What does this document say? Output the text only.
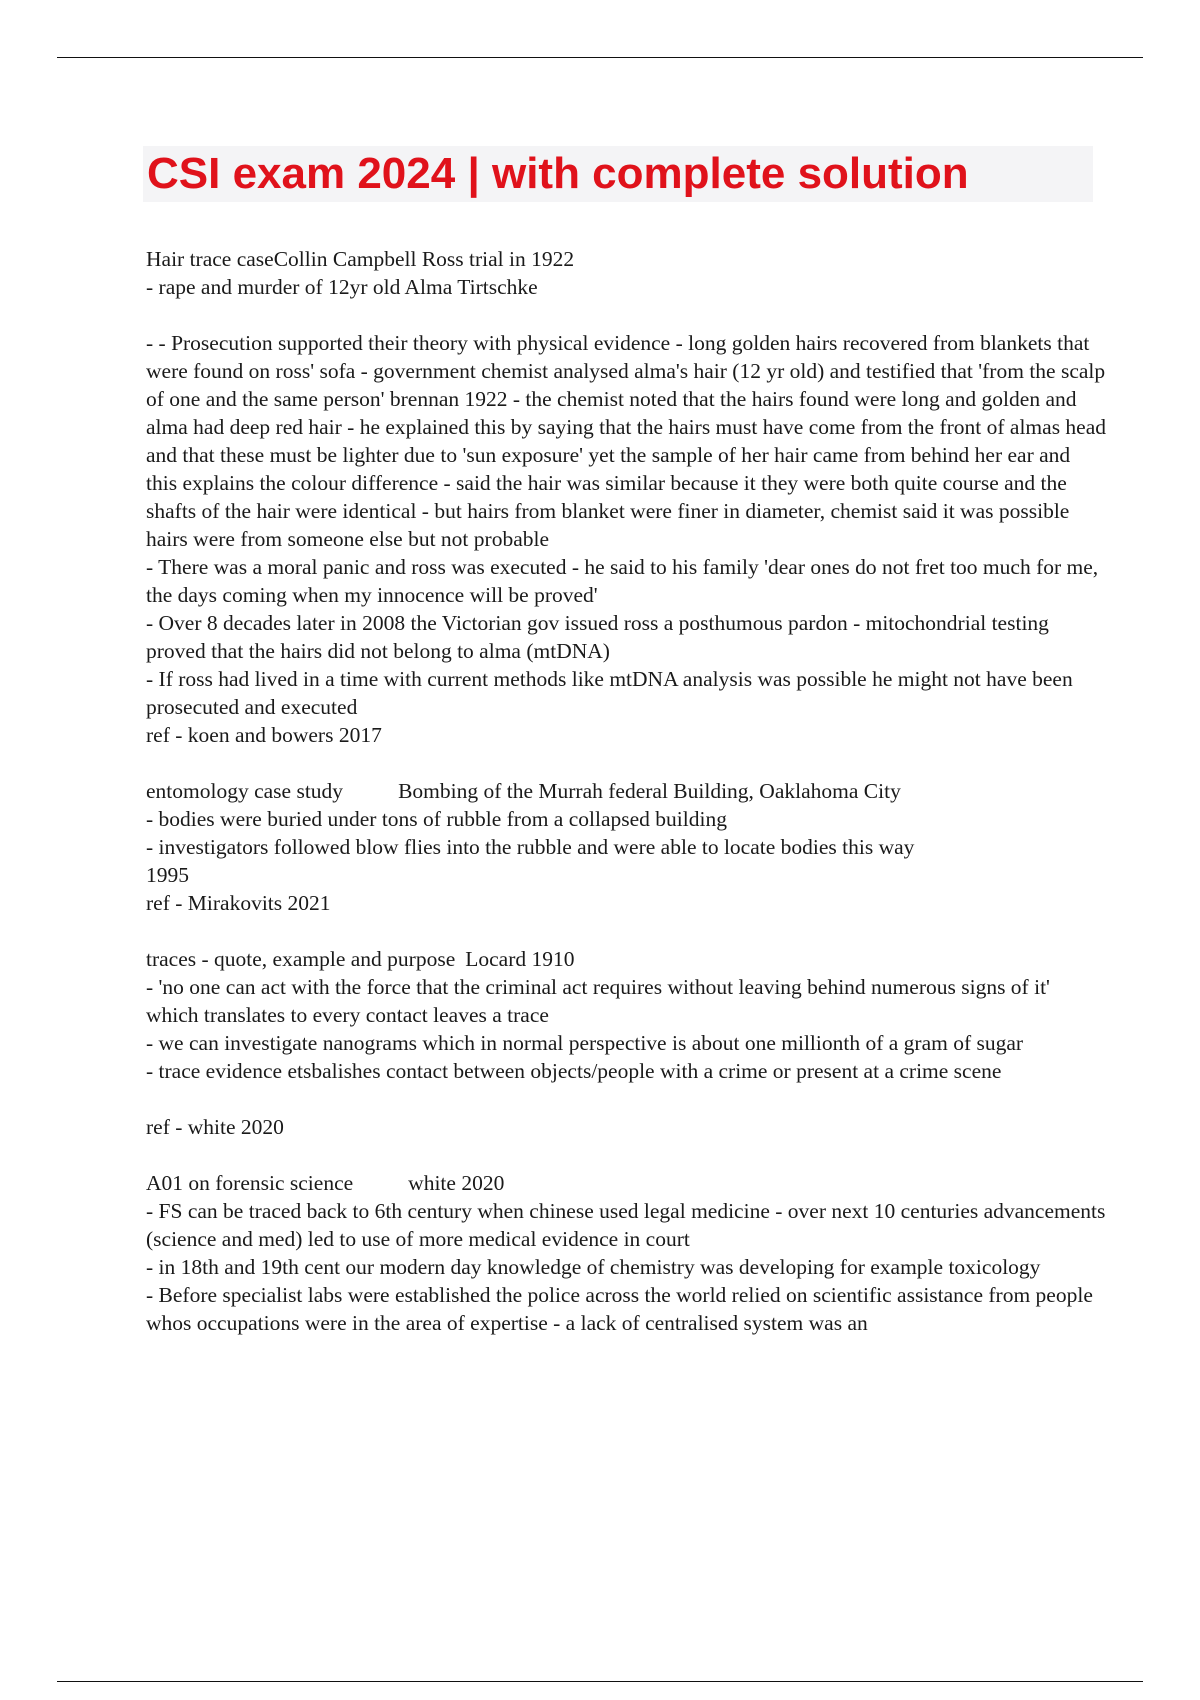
CSI exam 2024 | with complete solution
Hair trace caseCollin Campbell Ross trial in 1922
- rape and murder of 12yr old Alma Tirtschke

- - Prosecution supported their theory with physical evidence - long golden hairs recovered from blankets that were found on ross' sofa - government chemist analysed alma's hair (12 yr old) and testified that 'from the scalp of one and the same person' brennan 1922 - the chemist noted that the hairs found were long and golden and alma had deep red hair - he explained this by saying that the hairs must have come from the front of almas head and that these must be lighter due to 'sun exposure' yet the sample of her hair came from behind her ear and this explains the colour difference - said the hair was similar because it they were both quite course and the shafts of the hair were identical - but hairs from blanket were finer in diameter, chemist said it was possible hairs were from someone else but not probable

- There was a moral panic and ross was executed - he said to his family 'dear ones do not fret too much for me, the days coming when my innocence will be proved'

- Over 8 decades later in 2008 the Victorian gov issued ross a posthumous pardon - mitochondrial testing proved that the hairs did not belong to alma (mtDNA)

- If ross had lived in a time with current methods like mtDNA analysis was possible he might not have been prosecuted and executed

ref - koen and bowers 2017
entomology case study	Bombing of the Murrah federal Building, Oaklahoma City
- bodies were buried under tons of rubble from a collapsed building
- investigators followed blow flies into the rubble and were able to locate bodies this way
1995
ref - Mirakovits 2021
traces - quote, example and purpose Locard 1910

- 'no one can act with the force that the criminal act requires without leaving behind numerous signs of it' which translates to every contact leaves a trace

- we can investigate nanograms which in normal perspective is about one millionth of a gram of sugar

- trace evidence etsbalishes contact between objects/people with a crime or present at a crime scene

ref - white 2020
A01 on forensic science	white 2020

- FS can be traced back to 6th century when chinese used legal medicine - over next 10 centuries advancements (science and med) led to use of more medical evidence in court

- in 18th and 19th cent our modern day knowledge of chemistry was developing for example toxicology

- Before specialist labs were established the police across the world relied on scientific assistance from people whos occupations were in the area of expertise - a lack of centralised system was an
